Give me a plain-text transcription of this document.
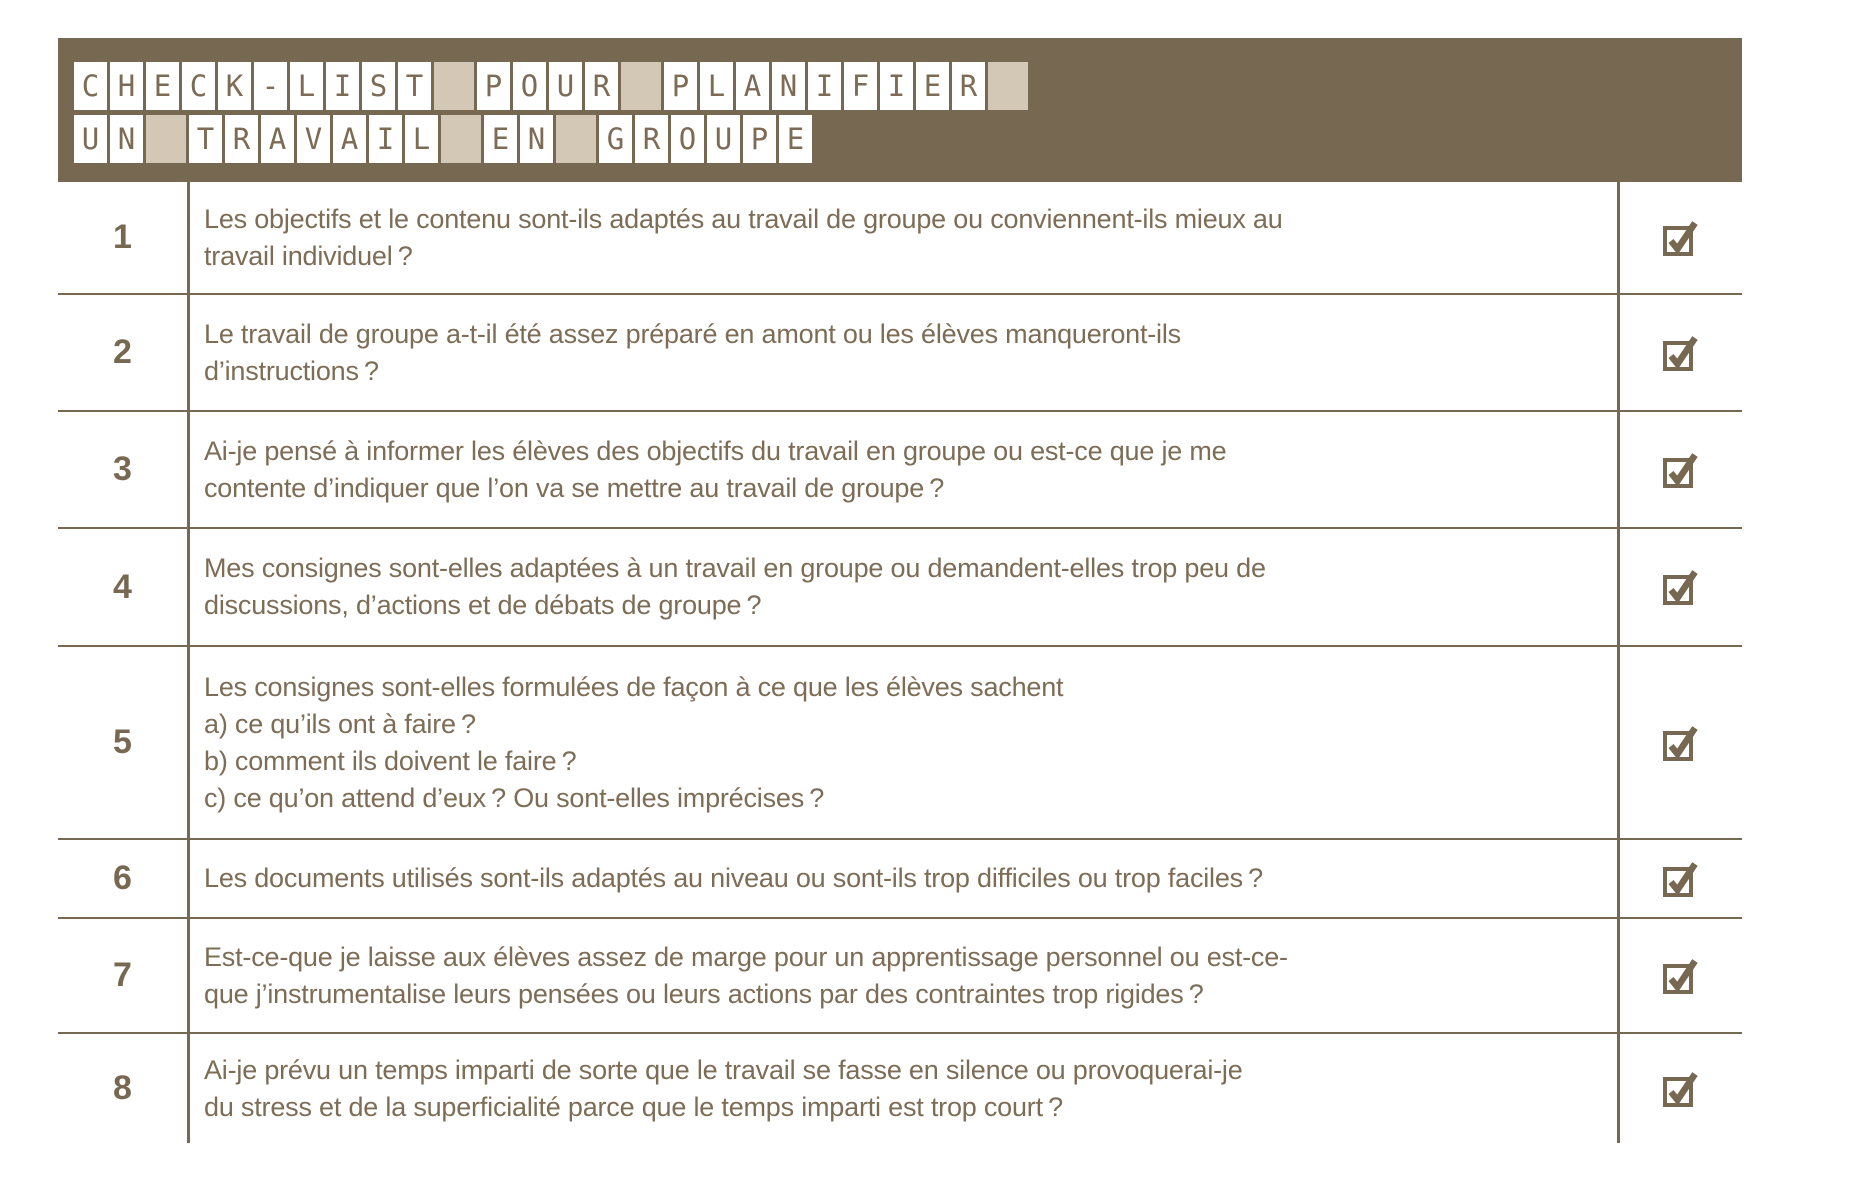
C H E C K - L I S T P O U R P L A N I F I E R
U N T R A V A I L E N G R O U P E
1	Les objectifs et le contenu sont-ils adaptés au travail de groupe ou conviennent-ils mieux au
travail individuel ?
2	Le travail de groupe a-t-il été assez préparé en amont ou les élèves manqueront-ils
d’instructions ?
3	Ai-je pensé à informer les élèves des objectifs du travail en groupe ou est-ce que je me
contente d’indiquer que l’on va se mettre au travail de groupe ?
4	Mes consignes sont-elles adaptées à un travail en groupe ou demandent-elles trop peu de
discussions, d’actions et de débats de groupe ?
5
Les consignes sont-elles formulées de façon à ce que les élèves sachent
a) ce qu’ils ont à faire ?
b) comment ils doivent le faire ?
c) ce qu’on attend d’eux ? Ou sont-elles imprécises ?
6	Les documents utilisés sont-ils adaptés au niveau ou sont-ils trop difficiles ou trop faciles ?
7	Est-ce-que je laisse aux élèves assez de marge pour un apprentissage personnel ou est-ce-
que j’instrumentalise leurs pensées ou leurs actions par des contraintes trop rigides ?
8	Ai-je prévu un temps imparti de sorte que le travail se fasse en silence ou provoquerai-je
du stress et de la superficialité parce que le temps imparti est trop court ?
